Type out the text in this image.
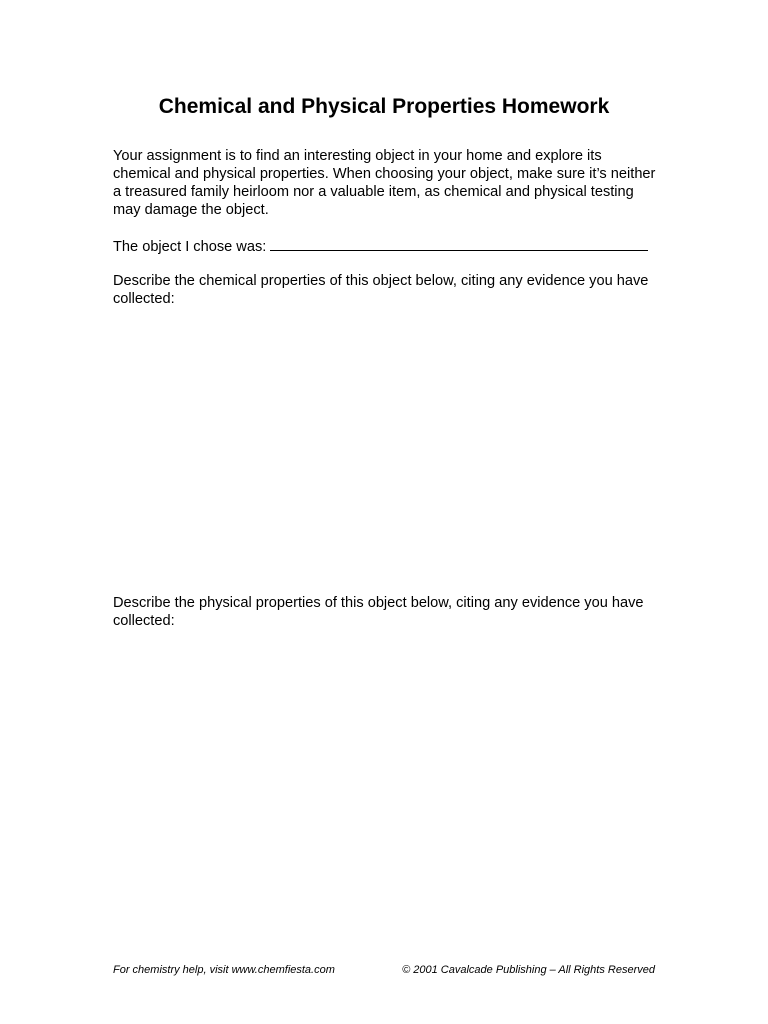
Chemical and Physical Properties Homework

Your assignment is to find an interesting object in your home and explore its chemical and physical properties. When choosing your object, make sure it’s neither a treasured family heirloom nor a valuable item, as chemical and physical testing may damage the object.

The object I chose was:

Describe the chemical properties of this object below, citing any evidence you have collected:

Describe the physical properties of this object below, citing any evidence you have collected:

For chemistry help, visit www.chemfiesta.com	© 2001 Cavalcade Publishing – All Rights Reserved
